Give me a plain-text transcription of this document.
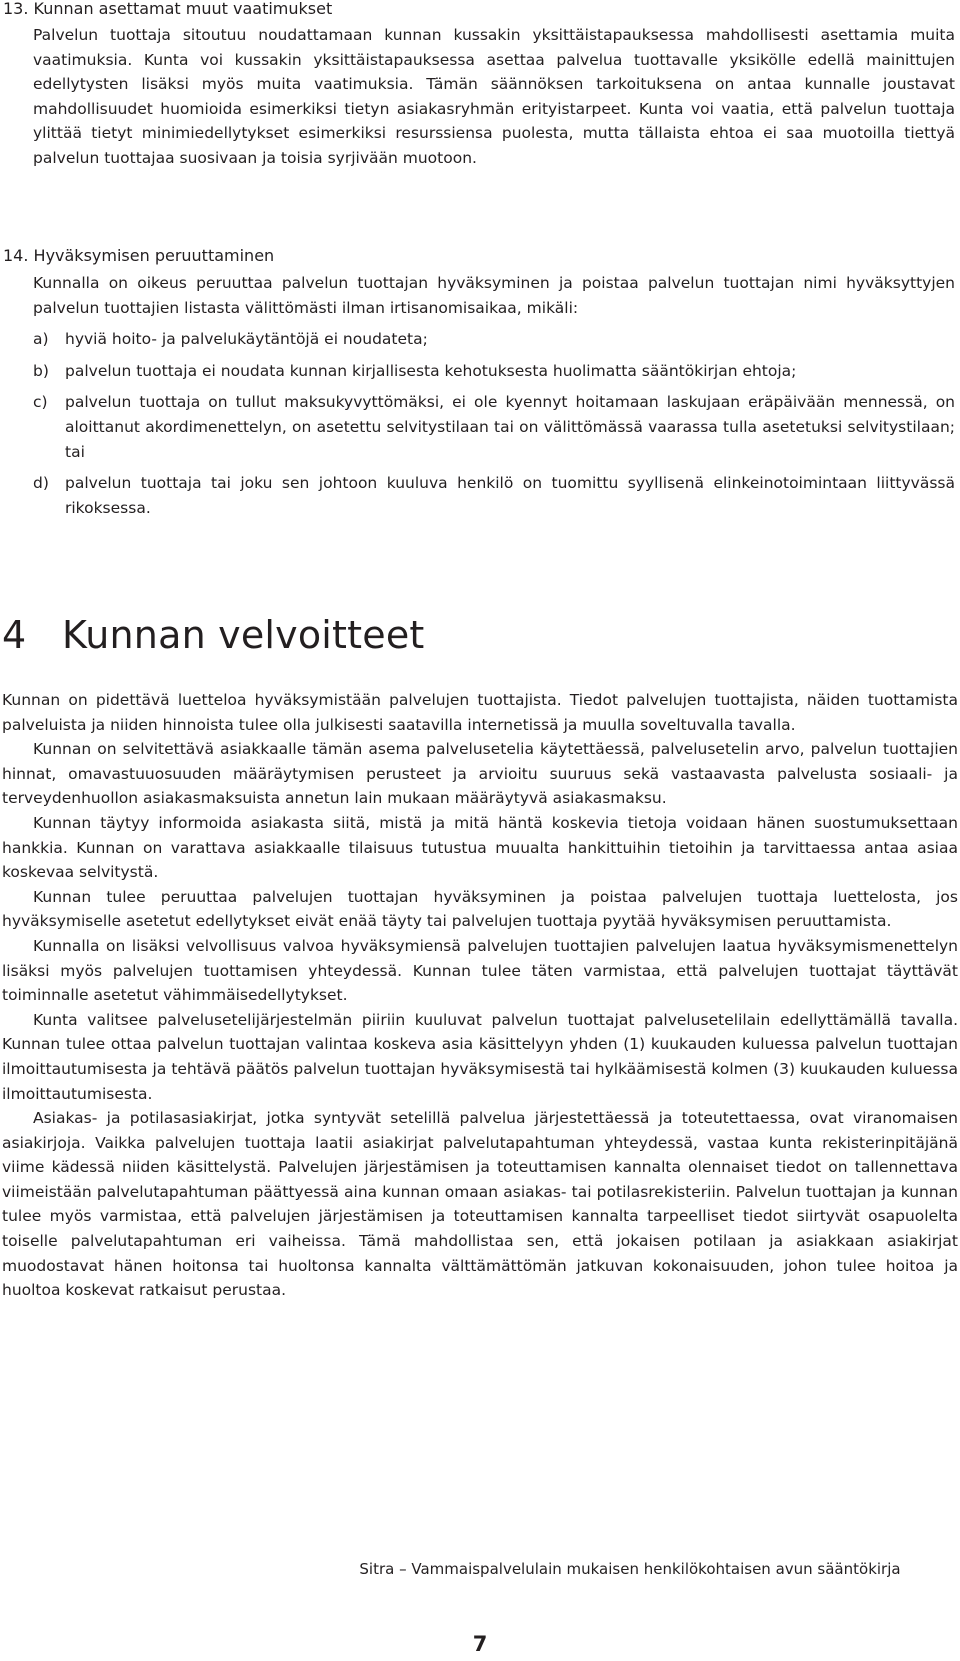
13. Kunnan asettamat muut vaatimukset

Palvelun tuottaja sitoutuu noudattamaan kunnan kussakin yksittäistapauksessa mahdollisesti asettamia muita vaatimuksia. Kunta voi kussakin yksittäistapauksessa asettaa palvelua tuottavalle yksikölle edellä mainittujen edellytysten lisäksi myös muita vaatimuksia. Tämän säännöksen tarkoituksena on antaa kunnalle joustavat mahdollisuudet huomioida esimerkiksi tietyn asiakasryhmän erityistarpeet. Kunta voi vaatia, että palvelun tuottaja ylittää tietyt minimiedellytykset esimerkiksi resurssiensa puolesta, mutta tällaista ehtoa ei saa muotoilla tiettyä palvelun tuottajaa suosivaan ja toisia syrjivään muotoon.

14. Hyväksymisen peruuttaminen

Kunnalla on oikeus peruuttaa palvelun tuottajan hyväksyminen ja poistaa palvelun tuottajan nimi hyväksyttyjen palvelun tuottajien listasta välittömästi ilman irtisanomisaikaa, mikäli:

a) hyviä hoito- ja palvelukäytäntöjä ei noudateta;
b) palvelun tuottaja ei noudata kunnan kirjallisesta kehotuksesta huolimatta sääntökirjan ehtoja;
c) palvelun tuottaja on tullut maksukyvyttömäksi, ei ole kyennyt hoitamaan laskujaan eräpäivään mennessä, on aloittanut akordimenettelyn, on asetettu selvitystilaan tai on välittömässä vaarassa tulla asetetuksi selvitystilaan; tai
d) palvelun tuottaja tai joku sen johtoon kuuluva henkilö on tuomittu syyllisenä elinkeinotoimintaan liittyvässä rikoksessa.
4 Kunnan velvoitteet

Kunnan on pidettävä luetteloa hyväksymistään palvelujen tuottajista. Tiedot palvelujen tuottajista, näiden tuottamista palveluista ja niiden hinnoista tulee olla julkisesti saatavilla internetissä ja muulla soveltuvalla tavalla.

Kunnan on selvitettävä asiakkaalle tämän asema palvelusetelia käytettäessä, palvelusetelin arvo, palvelun tuottajien hinnat, omavastuuosuuden määräytymisen perusteet ja arvioitu suuruus sekä vastaavasta palvelusta sosiaali- ja terveydenhuollon asiakasmaksuista annetun lain mukaan määräytyvä asiakasmaksu.

Kunnan täytyy informoida asiakasta siitä, mistä ja mitä häntä koskevia tietoja voidaan hänen suostumuksettaan hankkia. Kunnan on varattava asiakkaalle tilaisuus tutustua muualta hankittuihin tietoihin ja tarvittaessa antaa asiaa koskevaa selvitystä.

Kunnan tulee peruuttaa palvelujen tuottajan hyväksyminen ja poistaa palvelujen tuottaja luettelosta, jos hyväksymiselle asetetut edellytykset eivät enää täyty tai palvelujen tuottaja pyytää hyväksymisen peruuttamista.

Kunnalla on lisäksi velvollisuus valvoa hyväksymiensä palvelujen tuottajien palvelujen laatua hyväksymismenettelyn lisäksi myös palvelujen tuottamisen yhteydessä. Kunnan tulee täten varmistaa, että palvelujen tuottajat täyttävät toiminnalle asetetut vähimmäisedellytykset.

Kunta valitsee palvelusetelijärjestelmän piiriin kuuluvat palvelun tuottajat palvelusetelilain edellyttämällä tavalla. Kunnan tulee ottaa palvelun tuottajan valintaa koskeva asia käsittelyyn yhden (1) kuukauden kuluessa palvelun tuottajan ilmoittautumisesta ja tehtävä päätös palvelun tuottajan hyväksymisestä tai hylkäämisestä kolmen (3) kuukauden kuluessa ilmoittautumisesta.

Asiakas- ja potilasasiakirjat, jotka syntyvät setelillä palvelua järjestettäessä ja toteutettaessa, ovat viranomaisen asiakirjoja. Vaikka palvelujen tuottaja laatii asiakirjat palvelutapahtuman yhteydessä, vastaa kunta rekisterinpitäjänä viime kädessä niiden käsittelystä. Palvelujen järjestämisen ja toteuttamisen kannalta olennaiset tiedot on tallennettava viimeistään palvelutapahtuman päättyessä aina kunnan omaan asiakas- tai potilasrekisteriin. Palvelun tuottajan ja kunnan tulee myös varmistaa, että palvelujen järjestämisen ja toteuttamisen kannalta tarpeelliset tiedot siirtyvät osapuolelta toiselle palvelutapahtuman eri vaiheissa. Tämä mahdollistaa sen, että jokaisen potilaan ja asiakkaan asiakirjat muodostavat hänen hoitonsa tai huoltonsa kannalta välttämättömän jatkuvan kokonaisuuden, johon tulee hoitoa ja huoltoa koskevat ratkaisut perustaa.

Sitra – Vammaispalvelulain mukaisen henkilökohtaisen avun sääntökirja
7
